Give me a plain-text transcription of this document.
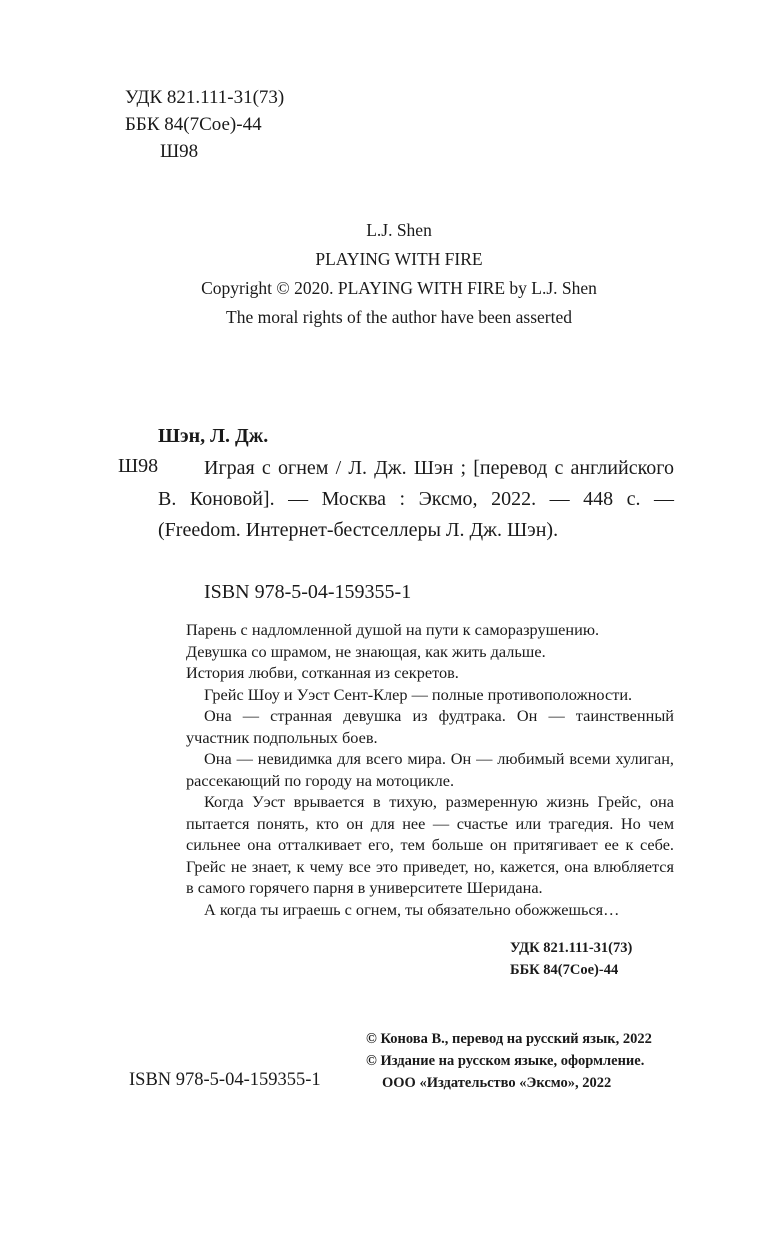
УДК 821.111-31(73)
ББК 84(7Сое)-44
Ш98
L.J. Shen
PLAYING WITH FIRE
Copyright © 2020. PLAYING WITH FIRE by L.J. Shen
The moral rights of the author have been asserted
Шэн, Л. Дж.
Ш98	Играя с огнем / Л. Дж. Шэн ; [перевод с английского В. Коновой]. — Москва : Эксмо, 2022. — 448 с. — (Freedom. Интернет-бестселлеры Л. Дж. Шэн).
ISBN 978-5-04-159355-1

Парень с надломленной душой на пути к саморазрушению.

Девушка со шрамом, не знающая, как жить дальше.

История любви, сотканная из секретов.

Грейс Шоу и Уэст Сент-Клер — полные противоположности.

Она — странная девушка из фудтрака. Он — таинственный участник подпольных боев.

Она — невидимка для всего мира. Он — любимый всеми хулиган, рассекающий по городу на мотоцикле.

Когда Уэст врывается в тихую, размеренную жизнь Грейс, она пытается понять, кто он для нее — счастье или трагедия. Но чем сильнее она отталкивает его, тем больше он притягивает ее к себе. Грейс не знает, к чему все это приведет, но, кажется, она влюбляется в самого горячего парня в университете Шеридана.

А когда ты играешь с огнем, ты обязательно обожжешься…

УДК 821.111-31(73)
ББК 84(7Сое)-44
© Конова В., перевод на русский язык, 2022
© Издание на русском языке, оформление.
ООО «Издательство «Эксмо», 2022
ISBN 978-5-04-159355-1
